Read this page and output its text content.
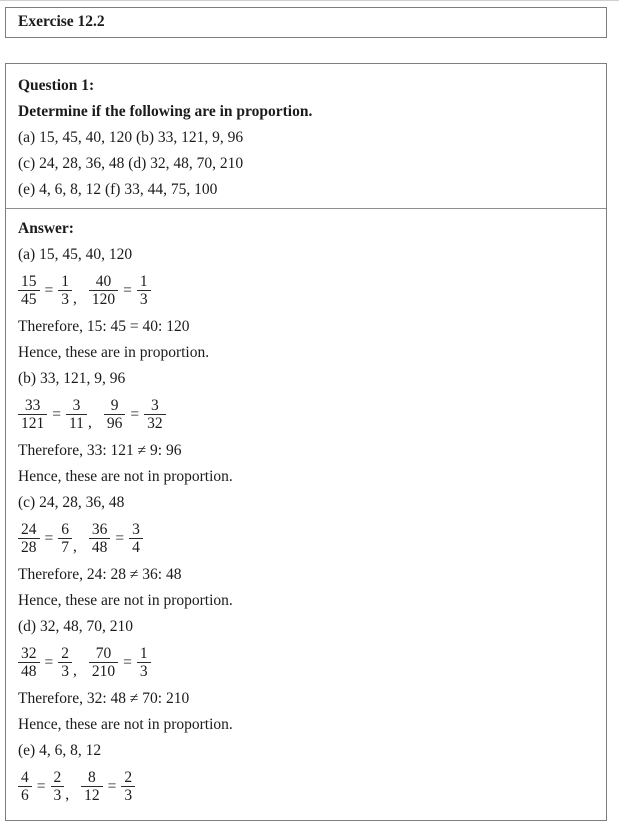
Exercise 12.2

Question 1:

Determine if the following are in proportion.

(a) 15, 45, 40, 120 (b) 33, 121, 9, 96

(c) 24, 28, 36, 48 (d) 32, 48, 70, 210

(e) 4, 6, 8, 12 (f) 33, 44, 75, 100

Answer:

(a) 15, 45, 40, 120

$\frac{15}{45} = \frac{1}{3}$ , $\frac{40}{120} = \frac{1}{3}$

Therefore, 15: 45 = 40: 120

Hence, these are in proportion.

(b) 33, 121, 9, 96

$\frac{33}{121} = \frac{3}{11}$ , $\frac{9}{96} = \frac{3}{32}$

Therefore, 33: 121 ≠ 9: 96

Hence, these are not in proportion.

(c) 24, 28, 36, 48

$\frac{24}{28} = \frac{6}{7}$ , $\frac{36}{48} = \frac{3}{4}$

Therefore, 24: 28 ≠ 36: 48

Hence, these are not in proportion.

(d) 32, 48, 70, 210

$\frac{32}{48} = \frac{2}{3}$ , $\frac{70}{210} = \frac{1}{3}$

Therefore, 32: 48 ≠ 70: 210

Hence, these are not in proportion.

(e) 4, 6, 8, 12

$\frac{4}{6} = \frac{2}{3}$ , $\frac{8}{12} = \frac{2}{3}$
